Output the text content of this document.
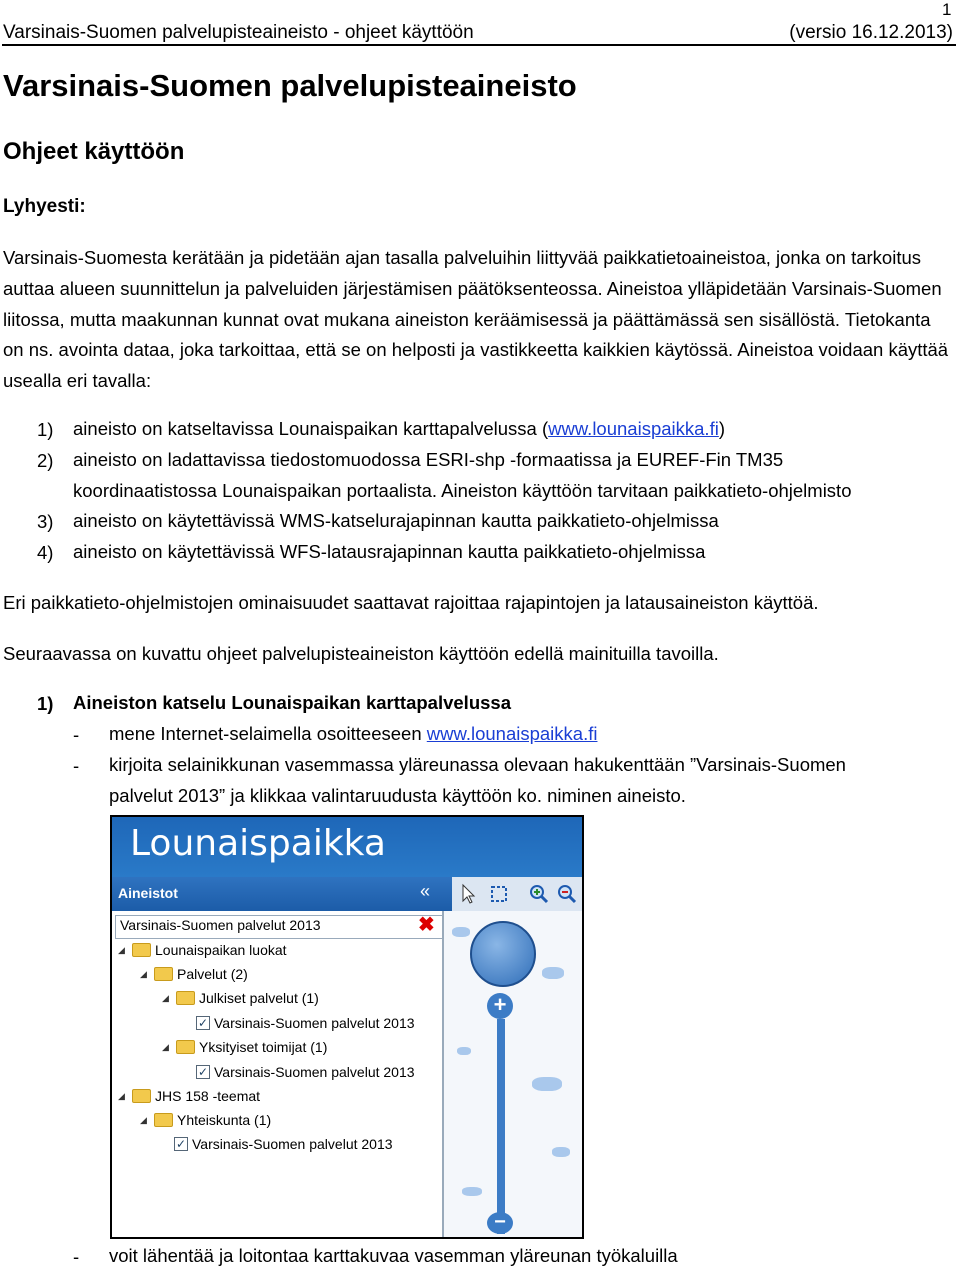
1
Varsinais-Suomen palvelupisteaineisto - ohjeet käyttöön	(versio 16.12.2013)
Varsinais-Suomen palvelupisteaineisto
Ohjeet käyttöön
Lyhyesti:
Varsinais-Suomesta kerätään ja pidetään ajan tasalla palveluihin liittyvää paikkatietoaineistoa, jonka on tarkoitus auttaa alueen suunnittelun ja palveluiden järjestämisen päätöksenteossa. Aineistoa ylläpidetään Varsinais-Suomen liitossa, mutta maakunnan kunnat ovat mukana aineiston keräämisessä ja päättämässä sen sisällöstä. Tietokanta on ns. avointa dataa, joka tarkoittaa, että se on helposti ja vastikkeetta kaikkien käytössä. Aineistoa voidaan käyttää usealla eri tavalla:
1) aineisto on katseltavissa Lounaispaikan karttapalvelussa (www.lounaispaikka.fi)
2) aineisto on ladattavissa tiedostomuodossa ESRI-shp -formaatissa ja EUREF-Fin TM35
koordinaatistossa Lounaispaikan portaalista. Aineiston käyttöön tarvitaan paikkatieto-ohjelmisto
3) aineisto on käytettävissä WMS-katselurajapinnan kautta paikkatieto-ohjelmissa
4) aineisto on käytettävissä WFS-latausrajapinnan kautta paikkatieto-ohjelmissa
Eri paikkatieto-ohjelmistojen ominaisuudet saattavat rajoittaa rajapintojen ja latausaineiston käyttöä.
Seuraavassa on kuvattu ohjeet palvelupisteaineiston käyttöön edellä mainituilla tavoilla.
1) Aineiston katselu Lounaispaikan karttapalvelussa
- mene Internet-selaimella osoitteeseen www.lounaispaikka.fi
- kirjoita selainikkunan vasemmassa yläreunassa olevaan hakukenttään ”Varsinais-Suomen
palvelut 2013” ja klikkaa valintaruudusta käyttöön ko. niminen aineisto.
Lounaispaikka
Aineistot	«
Varsinais-Suomen palvelut 2013	✖
◢ Lounaispaikan luokat
◢ Palvelut (2)
◢ Julkiset palvelut (1)
✓ Varsinais-Suomen palvelut 2013
◢ Yksityiset toimijat (1)
✓ Varsinais-Suomen palvelut 2013
◢ JHS 158 -teemat
◢ Yhteiskunta (1)
✓ Varsinais-Suomen palvelut 2013
+
−
- voit lähentää ja loitontaa karttakuvaa vasemman yläreunan työkaluilla
